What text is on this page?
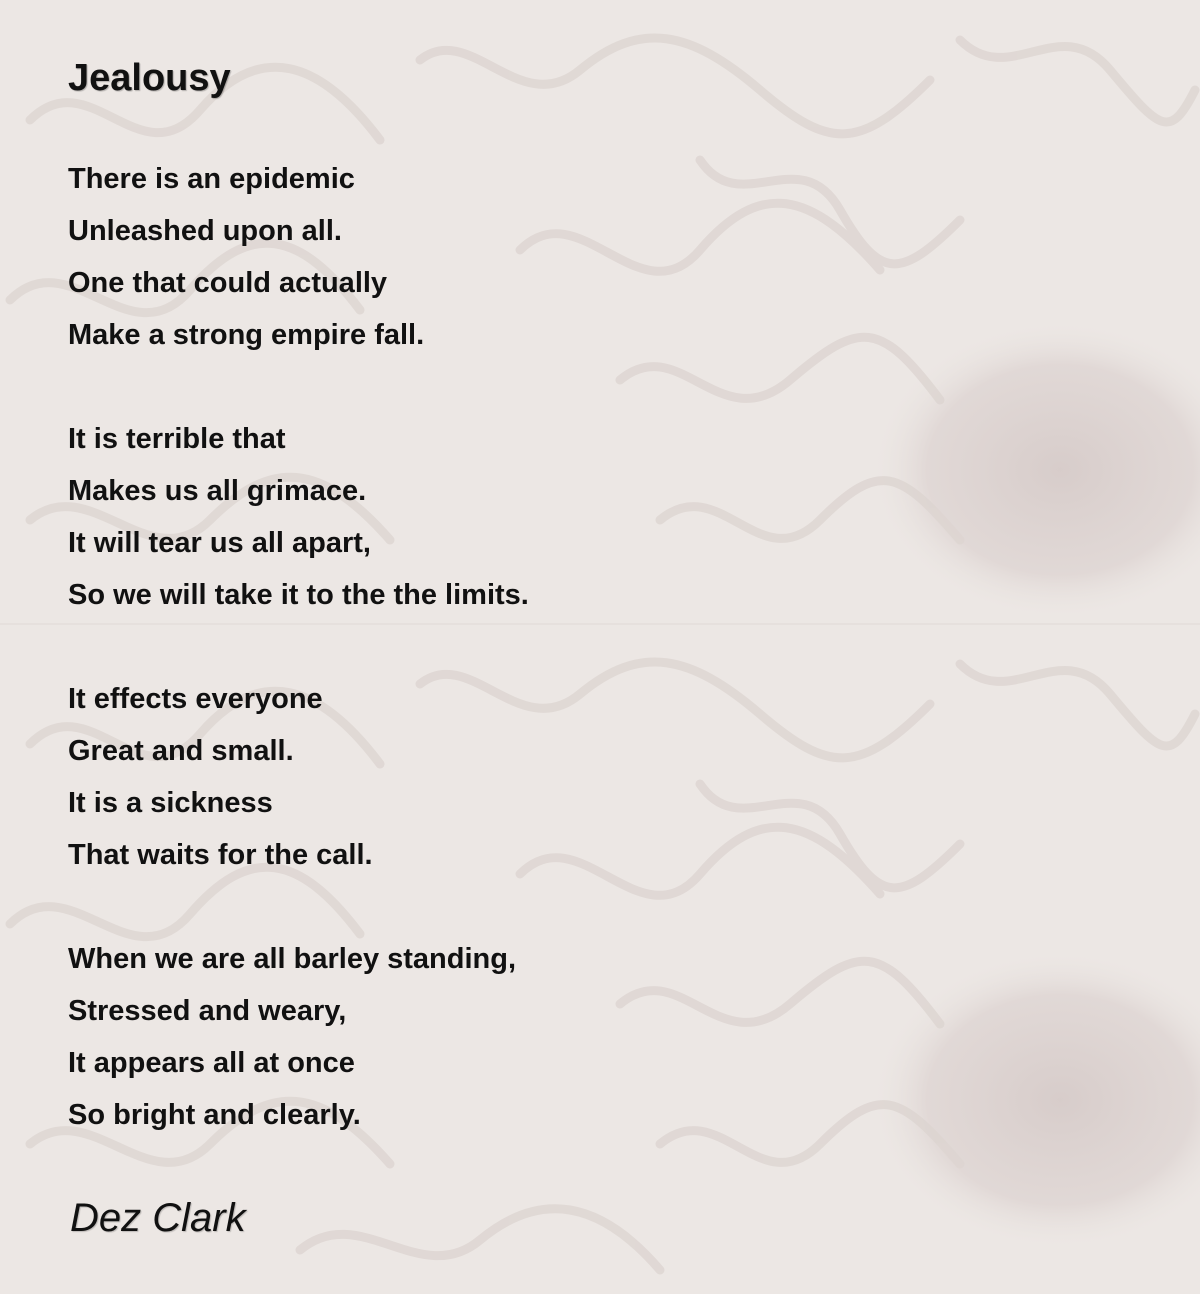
Jealousy
There is an epidemic
Unleashed upon all.
One that could actually
Make a strong empire fall.
It is terrible that
Makes us all grimace.
It will tear us all apart,
So we will take it to the the limits.
It effects everyone
Great and small.
It is a sickness
That waits for the call.
When we are all barley standing,
Stressed and weary,
It appears all at once
So bright and clearly.

Dez Clark
